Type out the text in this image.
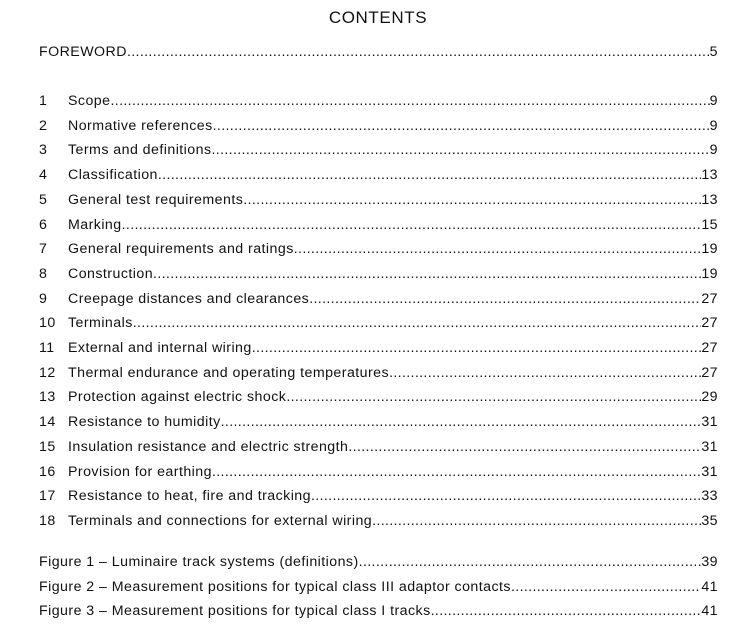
CONTENTS
FOREWORD .....	5
1	Scope .....	9
2	Normative references .....	9
3	Terms and definitions .....	9
4	Classification .....	13
5	General test requirements .....	13
6	Marking .....	15
7	General requirements and ratings .....	19
8	Construction .....	19
9	Creepage distances and clearances .....	27
10 Terminals .....	27
11 External and internal wiring .....	27
12 Thermal endurance and operating temperatures .....	27
13 Protection against electric shock .....	29
14 Resistance to humidity .....	31
15 Insulation resistance and electric strength .....	31
16 Provision for earthing .....	31
17 Resistance to heat, fire and tracking .....	33
18 Terminals and connections for external wiring .....	35
Figure 1 – Luminaire track systems (definitions) .....	39
Figure 2 – Measurement positions for typical class III adaptor contacts .....	41
Figure 3 – Measurement positions for typical class I tracks .....	41
